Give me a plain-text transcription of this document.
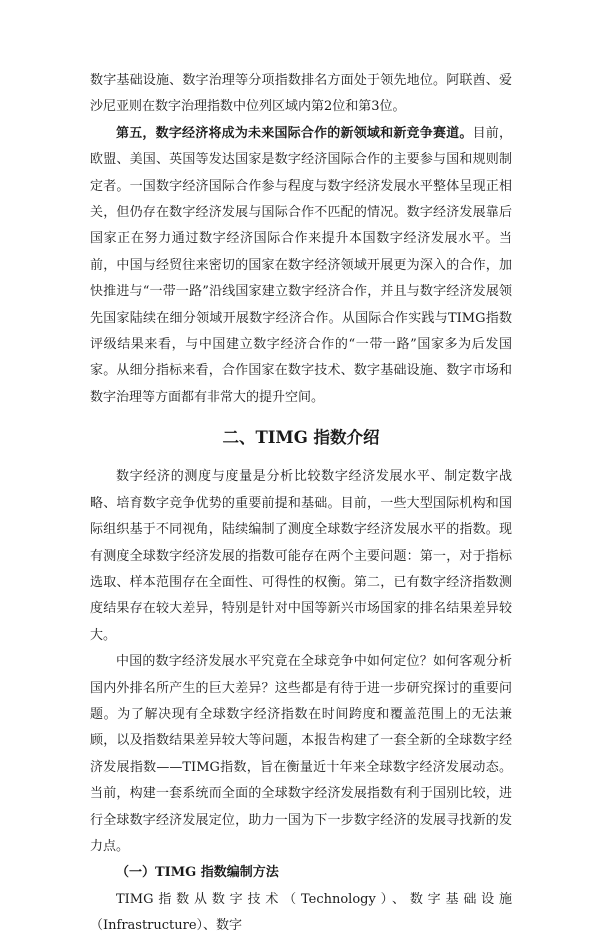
数字基础设施、数字治理等分项指数排名方面处于领先地位。阿联酋、爱沙尼亚则在数字治理指数中位列区域内第2位和第3位。

第五，数字经济将成为未来国际合作的新领域和新竞争赛道。目前，欧盟、美国、英国等发达国家是数字经济国际合作的主要参与国和规则制定者。一国数字经济国际合作参与程度与数字经济发展水平整体呈现正相关，但仍存在数字经济发展与国际合作不匹配的情况。数字经济发展靠后国家正在努力通过数字经济国际合作来提升本国数字经济发展水平。当前，中国与经贸往来密切的国家在数字经济领域开展更为深入的合作，加快推进与“一带一路”沿线国家建立数字经济合作，并且与数字经济发展领先国家陆续在细分领域开展数字经济合作。从国际合作实践与TIMG指数评级结果来看，与中国建立数字经济合作的“一带一路”国家多为后发国家。从细分指标来看，合作国家在数字技术、数字基础设施、数字市场和数字治理等方面都有非常大的提升空间。

二、TIMG 指数介绍

数字经济的测度与度量是分析比较数字经济发展水平、制定数字战略、培育数字竞争优势的重要前提和基础。目前，一些大型国际机构和国际组织基于不同视角，陆续编制了测度全球数字经济发展水平的指数。现有测度全球数字经济发展的指数可能存在两个主要问题：第一，对于指标选取、样本范围存在全面性、可得性的权衡。第二，已有数字经济指数测度结果存在较大差异，特别是针对中国等新兴市场国家的排名结果差异较大。

中国的数字经济发展水平究竟在全球竞争中如何定位？如何客观分析国内外排名所产生的巨大差异？这些都是有待于进一步研究探讨的重要问题。为了解决现有全球数字经济指数在时间跨度和覆盖范围上的无法兼顾，以及指数结果差异较大等问题，本报告构建了一套全新的全球数字经济发展指数——TIMG指数，旨在衡量近十年来全球数字经济发展动态。当前，构建一套系统而全面的全球数字经济发展指数有利于国别比较，进行全球数字经济发展定位，助力一国为下一步数字经济的发展寻找新的发力点。

（一）TIMG 指数编制方法

TIMG指数从数字技术（Technology）、数字基础设施（Infrastructure）、数字
